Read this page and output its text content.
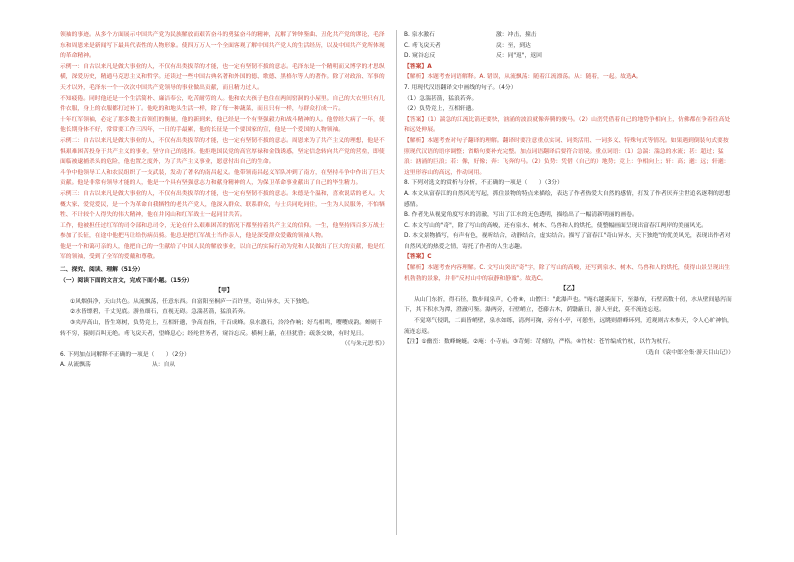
领袖的事迹。从多个方面展示中国共产党为民族解放而艰苦奋斗的勇猛奋斗的精神，瓦解了钟钟鉴曲、丑化共产党的谬论，毛泽东和周恩来是新闻写下最具代表性的人物形象。使四万万人一个全面客观了解中国共产党人的生活经历，以及中国共产党所体现的革命精神。

示例一：自古以来凡是做大事业的人，不仅有出类拔萃的才能，也一定有坚韧不拔的意志。毛泽东是一个精明而又博学的才思纵横，深爱历史，精通马克思主义和哲学。还读过一些中国古典名著和外国的德、歌德、黑格尔等人的著作。除了对政治、军事的天才以外，毛泽东一个一次次中国共产党领导的事业做出贡献，而且精力过人。

不知疲倦。同时他还是一个生活简朴、廉洁奉公，吃苦耐劳的人。他和农夫孩子也住在两间窑洞的小屋里。自己的大衣里只有几件衣服，身上的衣服都打过补丁。他吃的和地头生活一样，除了每一种蔬菜，而且只有一样，与群众打成一片。

十年红军领袖，必定了那多数主首领们的衡量，他的新到来，他已经是一个有坚强毅力和战斗精神的人。他曾经大病了一年，使他长期身体不好，常常要工作三四年，一日的手最累，他的长征是一个要国家的宣，他是一个爱国的人物领袖。

示例二：自古以来凡是做大事业的人，不仅有出类拔萃的才能，也一定有坚韧不拔的意志。周恩来为了共产主义的理想，他是不惧艰难困苦投身于共产主义的事业，坚守自己的选择。他拒绝国民党的高官厚禄和金钱诱惑，坚定信念转向共产党的营垒，即使面临被逮捕杀头的危险，他也置之度外，为了共产主义事业，愿意付出自己的生命。

斗争中他领导工人和农民组织了一支武装，发动了著名的南昌起义。他带领南昌起义军队冲到了南方，在坚持斗争中作出了巨大贡献。他是非常有领导才能的人，他是一个具有坚强意志力和献身精神的人，为保卫革命事业献出了自己的毕生精力。

示例三：自古以来凡是做大事业的人，不仅有出类拔萃的才能，也一定有坚韧不拔的意志。朱德是个温和，喜欢说话的老人。大概大家、爱党爱民，是一个为革命自我牺牲的老共产党人，他深入群众、联系群众，与士兵同吃同住，一生为人民服务，不怕牺牲、不计较个人得失的伟大精神，他在井冈山和红军战士一起同甘共苦。

工作，他被担任过红军的司令部和总司令，无论在什么艰难困苦的情况下都坚持着共产主义的信仰。一生，他坚持四百多万战士参加了长征，在途中他把马让给伤病员骑。他总是把红军战士当作亲人，他是深受群众爱戴的领袖人物。

他是一个和蔼可亲的人，他把自己的一生献给了中国人民的解放事业，以自己的实际行动为党和人民做出了巨大的贡献，他是红军的领袖，受到了全军的爱戴和尊敬。

二、探究、阅读、理解（51分）

（一）阅读下面的文言文，完成下面小题。（15分）

【甲】

①风烟俱净，天山共色。从流飘荡，任意东西。自富阳至桐庐一百许里，奇山异水，天下独绝。

②水皆缥碧，千丈见底。游鱼细石，直视无碍。急湍甚箭，猛浪若奔。

③夹岸高山，皆生寒树，负势竞上，互相轩邈，争高直指，千百成峰。泉水激石，泠泠作响；好鸟相鸣，嘤嘤成韵。蝉则千转不穷，猿则百叫无绝。鸢飞戾天者，望峰息心；经纶世务者，窥谷忘反。横柯上蔽，在昼犹昏；疏条交映，有时见日。

（《与朱元思书》）

6. 下列加点词解释不正确的一项是（　　）（2分）

A. 从流飘荡	从：自从
B. 泉水激石	激：冲击，撞击
C. 鸢飞戾天者	戾：至，到达
D. 窥谷忘反	反：同"返"，返回

【答案】A

【解析】本题考查词语解释。A. 错误，从流飘荡：随着江流漂荡。从：随着，一起。故选A。

7. 用现代汉语翻译文中画线的句子。（4分）

（1）急湍甚箭，猛浪若奔。

（2）负势竞上，互相轩邈。

【答案】（1）湍急的江流比箭还要快，汹涌的波浪就像奔腾的骏马。（2）山峦凭借着自己的地势争相向上，仿佛都在争着往高处和远处伸展。

【解析】本题考查对句子翻译的理解。翻译时要注意重点实词、词类活用、一词多义、特殊句式等情况。如果遇到倒装句式要按照现代汉语的语序调整；省略句要补充完整。加点词语翻译后要符合语境。重点词语：（1）急湍：湍急的水流；甚：超过；猛浪：汹涌的巨浪；若：像，好像；奔：飞奔的马。（2）负势：凭借（自己的）地势；竞上：争相向上；轩：高；邈：远；轩邈：这里形容山的高远，作动词用。

8. 下列对选文的赏析与分析，不正确的一项是（　　）（3分）

A. 本文从富春江的自然风光写起，抓住景物的特点来描绘，表达了作者热爱大自然的感情，打发了作者厌弃尘世追名逐利的思想感情。

B. 作者先从视觉角度写水的清澈，写出了江水的无色透明，描绘出了一幅清新明丽的画卷。

C. 本文写山的"奇"，除了写山的高峻，还有泉水、树木、鸟兽和人的烘托，使整幅画面呈现出富春江两岸的美丽风光。

D. 本文景物描写，有声有色，视听结合，动静结合，虚实结合。描写了富春江"奇山异水，天下独绝"的优美风光，表现出作者对自然风光的热爱之情，寄托了作者的人生志趣。

【答案】C

【解析】本题考查内容理解。C. 文写山突出"奇"字，除了写山的高峻，还写到泉水、树木、鸟兽和人的烘托，使得山景呈现出生机勃勃的景象，并非"反衬山中的寂静和静谧"。故选C。

【乙】

从山门东折，得石径，数步闻泉声，心骨⑧，山僧曰："此瀑声也。"庵右越溪而下，至瀑布，石壁高数十仞，水从壁间悬泻而下，其下积水为潭，澄澈可鉴。瀑两旁，石壁峭立，苍藤古木，荫翳蔽日，游人至此，莫不流连忘返。

不觉寒气侵肌，二面皆峭壁，泉水如练，清冽可掬，旁有小亭，可憩坐，远眺则群峰环列，近观则古木参天，令人心旷神怡，流连忘返。

【注】①幽峦：数峰蜿蜒。②庵：小寺庙。③苛刻：苛刻的，严格。④竹杖：苍竹编成竹杖，以竹为杖行。

（选自《袁中郎全集·游天目山记》）
